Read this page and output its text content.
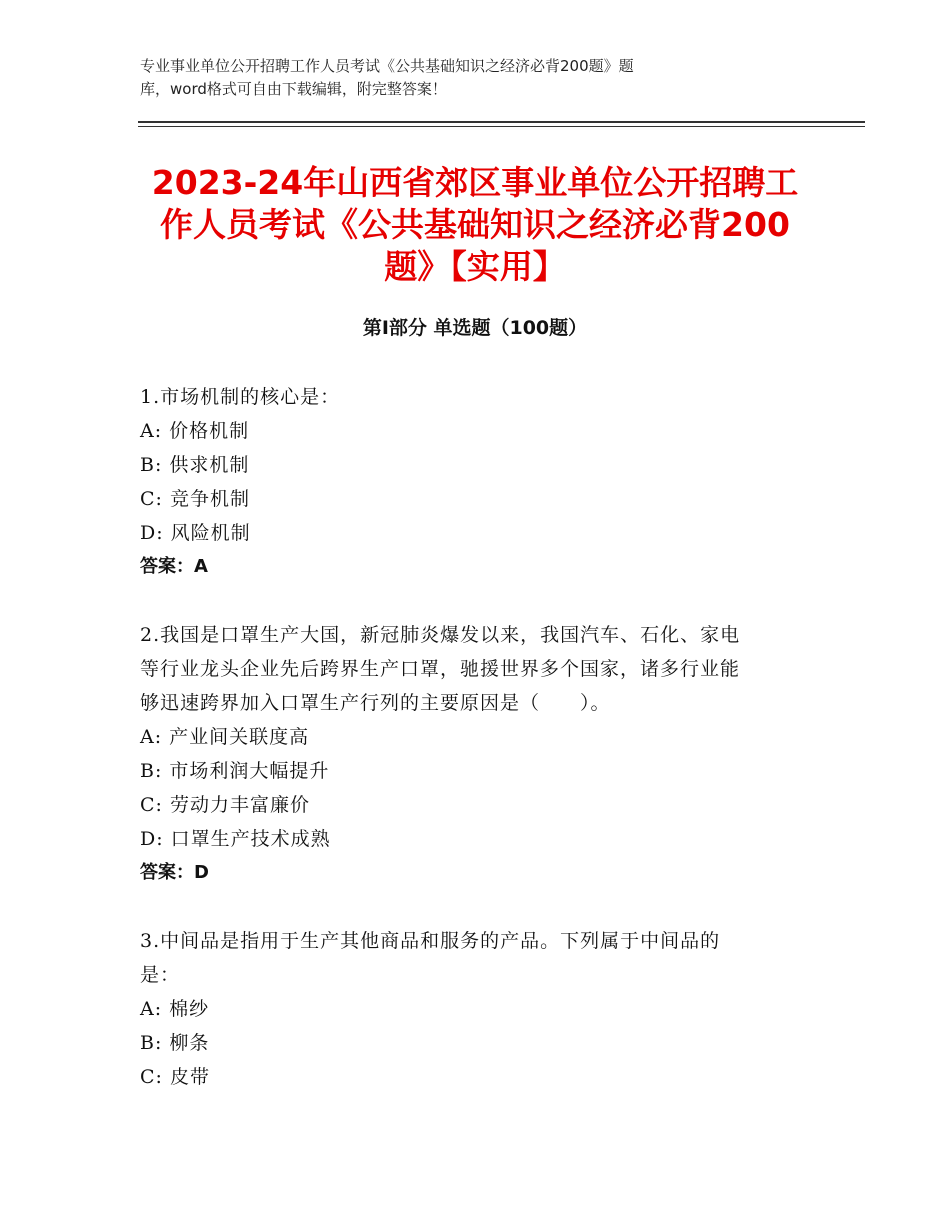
专业事业单位公开招聘工作人员考试《公共基础知识之经济必背200题》题
库，word格式可自由下载编辑，附完整答案！
2023-24年山西省郊区事业单位公开招聘工
作人员考试《公共基础知识之经济必背200
题》【实用】
第Ⅰ部分 单选题（100题）
1.市场机制的核心是：
A: 价格机制
B: 供求机制
C: 竞争机制
D: 风险机制
答案：A
2.我国是口罩生产大国，新冠肺炎爆发以来，我国汽车、石化、家电
等行业龙头企业先后跨界生产口罩，驰援世界多个国家，诸多行业能
够迅速跨界加入口罩生产行列的主要原因是（　　）。
A: 产业间关联度高
B: 市场利润大幅提升
C: 劳动力丰富廉价
D: 口罩生产技术成熟
答案：D
3.中间品是指用于生产其他商品和服务的产品。下列属于中间品的
是：
A: 棉纱
B: 柳条
C: 皮带
